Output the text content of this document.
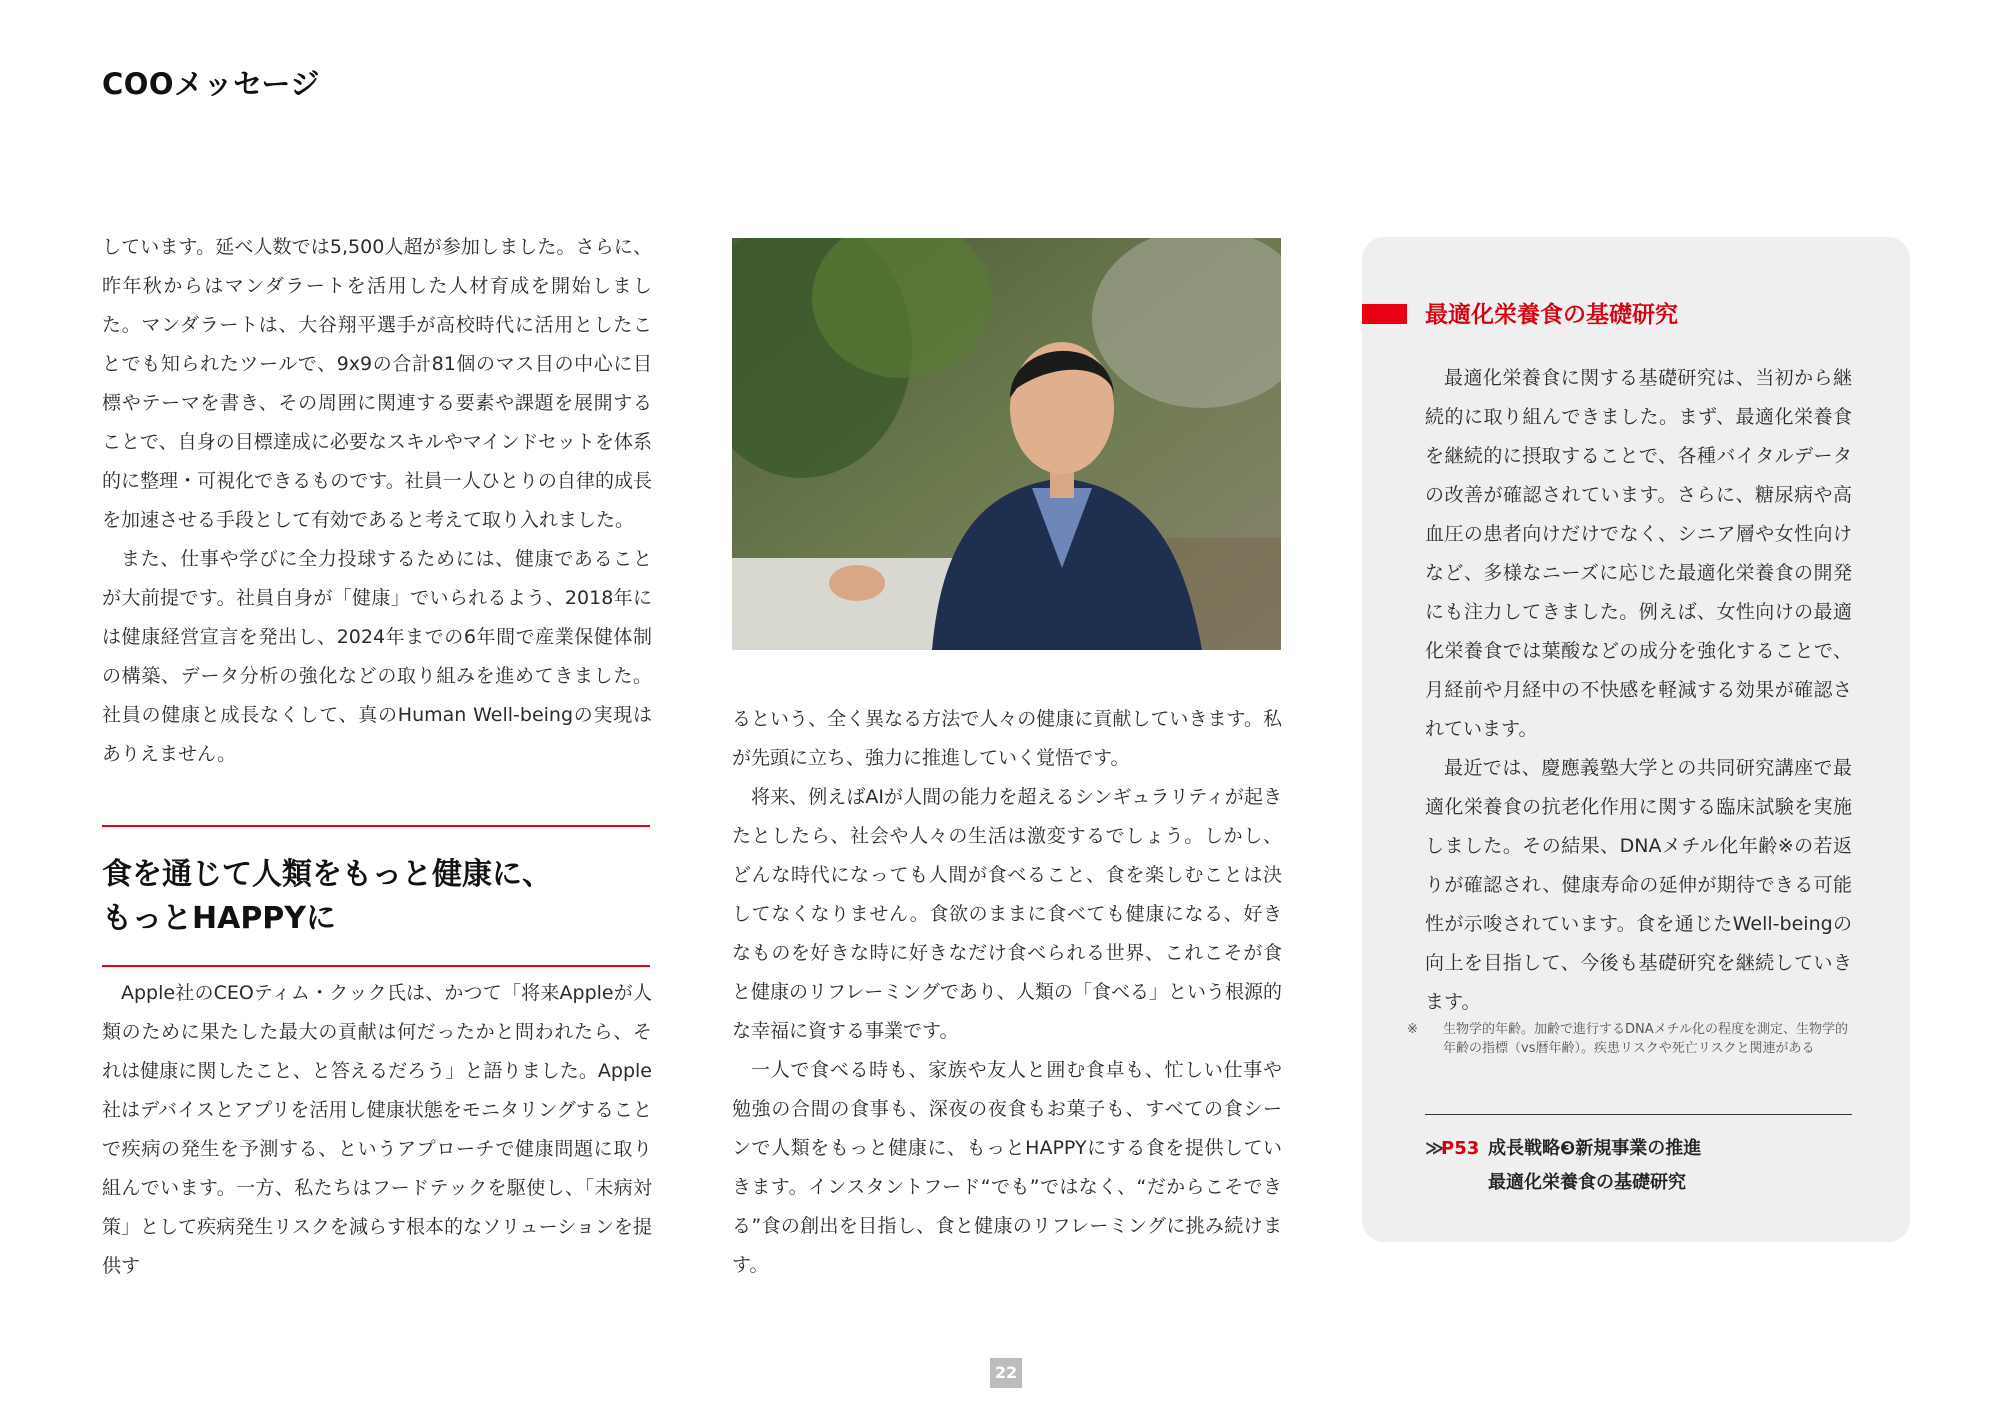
COOメッセージ

しています。延べ人数では5,500人超が参加しました。さらに、昨年秋からはマンダラートを活用した人材育成を開始しました。マンダラートは、大谷翔平選手が高校時代に活用としたことでも知られたツールで、9x9の合計81個のマス目の中心に目標やテーマを書き、その周囲に関連する要素や課題を展開することで、自身の目標達成に必要なスキルやマインドセットを体系的に整理・可視化できるものです。社員一人ひとりの自律的成長を加速させる手段として有効であると考えて取り入れました。

また、仕事や学びに全力投球するためには、健康であることが大前提です。社員自身が「健康」でいられるよう、2018年には健康経営宣言を発出し、2024年までの6年間で産業保健体制の構築、データ分析の強化などの取り組みを進めてきました。社員の健康と成長なくして、真のHuman Well-beingの実現はありえません。

食を通じて人類をもっと健康に、
もっとHAPPYに

Apple社のCEOティム・クック氏は、かつて「将来Appleが人類のために果たした最大の貢献は何だったかと問われたら、それは健康に関したこと、と答えるだろう」と語りました。Apple社はデバイスとアプリを活用し健康状態をモニタリングすることで疾病の発生を予測する、というアプローチで健康問題に取り組んでいます。一方、私たちはフードテックを駆使し、「未病対策」として疾病発生リスクを減らす根本的なソリューションを提供す

るという、全く異なる方法で人々の健康に貢献していきます。私が先頭に立ち、強力に推進していく覚悟です。

将来、例えばAIが人間の能力を超えるシンギュラリティが起きたとしたら、社会や人々の生活は激変するでしょう。しかし、どんな時代になっても人間が食べること、食を楽しむことは決してなくなりません。食欲のままに食べても健康になる、好きなものを好きな時に好きなだけ食べられる世界、これこそが食と健康のリフレーミングであり、人類の「食べる」という根源的な幸福に資する事業です。

一人で食べる時も、家族や友人と囲む食卓も、忙しい仕事や勉強の合間の食事も、深夜の夜食もお菓子も、すべての食シーンで人類をもっと健康に、もっとHAPPYにする食を提供していきます。インスタントフード“でも”ではなく、“だからこそできる”食の創出を目指し、食と健康のリフレーミングに挑み続けます。

最適化栄養食の基礎研究

最適化栄養食に関する基礎研究は、当初から継続的に取り組んできました。まず、最適化栄養食を継続的に摂取することで、各種バイタルデータの改善が確認されています。さらに、糖尿病や高血圧の患者向けだけでなく、シニア層や女性向けなど、多様なニーズに応じた最適化栄養食の開発にも注力してきました。例えば、女性向けの最適化栄養食では葉酸などの成分を強化することで、月経前や月経中の不快感を軽減する効果が確認されています。

最近では、慶應義塾大学との共同研究講座で最適化栄養食の抗老化作用に関する臨床試験を実施しました。その結果、DNAメチル化年齢※の若返りが確認され、健康寿命の延伸が期待できる可能性が示唆されています。食を通じたWell-beingの向上を目指して、今後も基礎研究を継続していきます。

※ 生物学的年齢。加齢で進行するDNAメチル化の程度を測定、生物学的年齢の指標（vs暦年齢）。疾患リスクや死亡リスクと関連がある

≫
P53 成長戦略❸新規事業の推進
最適化栄養食の基礎研究
22
